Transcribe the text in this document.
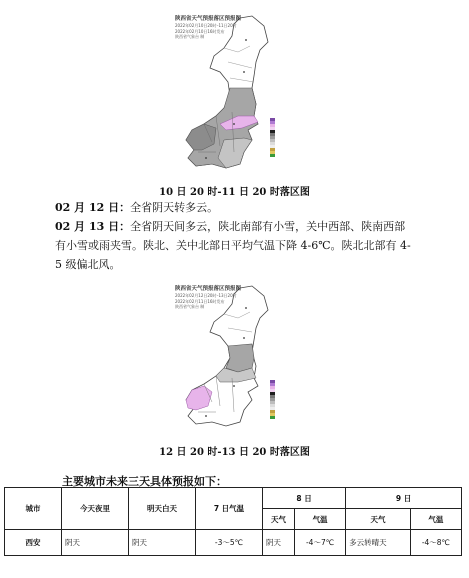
陕西省天气预报落区预报图
2022年02月10日20时–11日20时
2022年02月10日16时发布
陕西省气象台 制
10 日 20 时-11 日 20 时落区图
02 月 12 日：全省阴天转多云。
02 月 13 日：全省阴天间多云，陕北南部有小雪，关中西部、陕南西部有小雪或雨夹雪。陕北、关中北部日平均气温下降 4-6℃。陕北北部有 4-5 级偏北风。
陕西省天气预报落区预报图
2022年02月12日20时–13日20时
2022年02月11日16时发布
陕西省气象台 制
12 日 20 时-13 日 20 时落区图
主要城市未来三天具体预报如下：
城市	今天夜里	明天白天	7 日气温	8 日		9 日	
				天气	气温	天气	气温
西安	阴天	阴天	-3～5℃	阴天	-4～7℃	多云转晴天	-4～8℃
